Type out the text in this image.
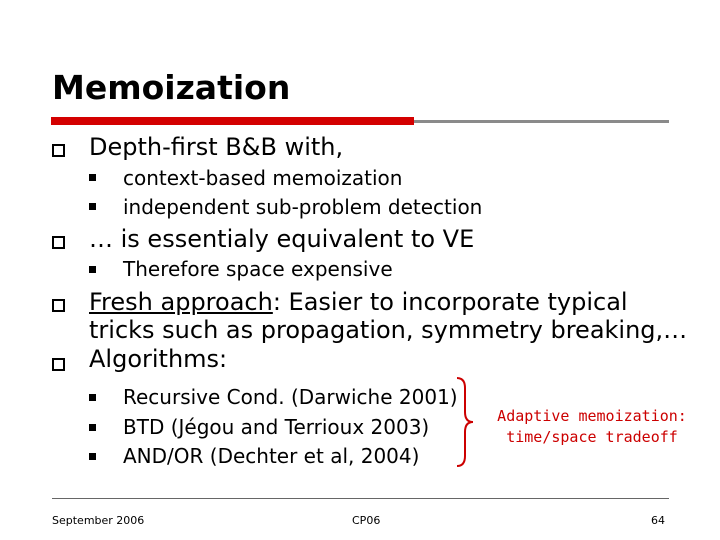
Memoization
Depth-first B&B with,
context-based memoization
independent sub-problem detection
… is essentialy equivalent to VE
Therefore space expensive
Fresh approach: Easier to incorporate typical
tricks such as propagation, symmetry breaking,…
Algorithms:
Recursive Cond. (Darwiche 2001)
BTD (Jégou and Terrioux 2003)
AND/OR (Dechter et al, 2004)
Adaptive memoization:
time/space tradeoff
September 2006	CP06	64
